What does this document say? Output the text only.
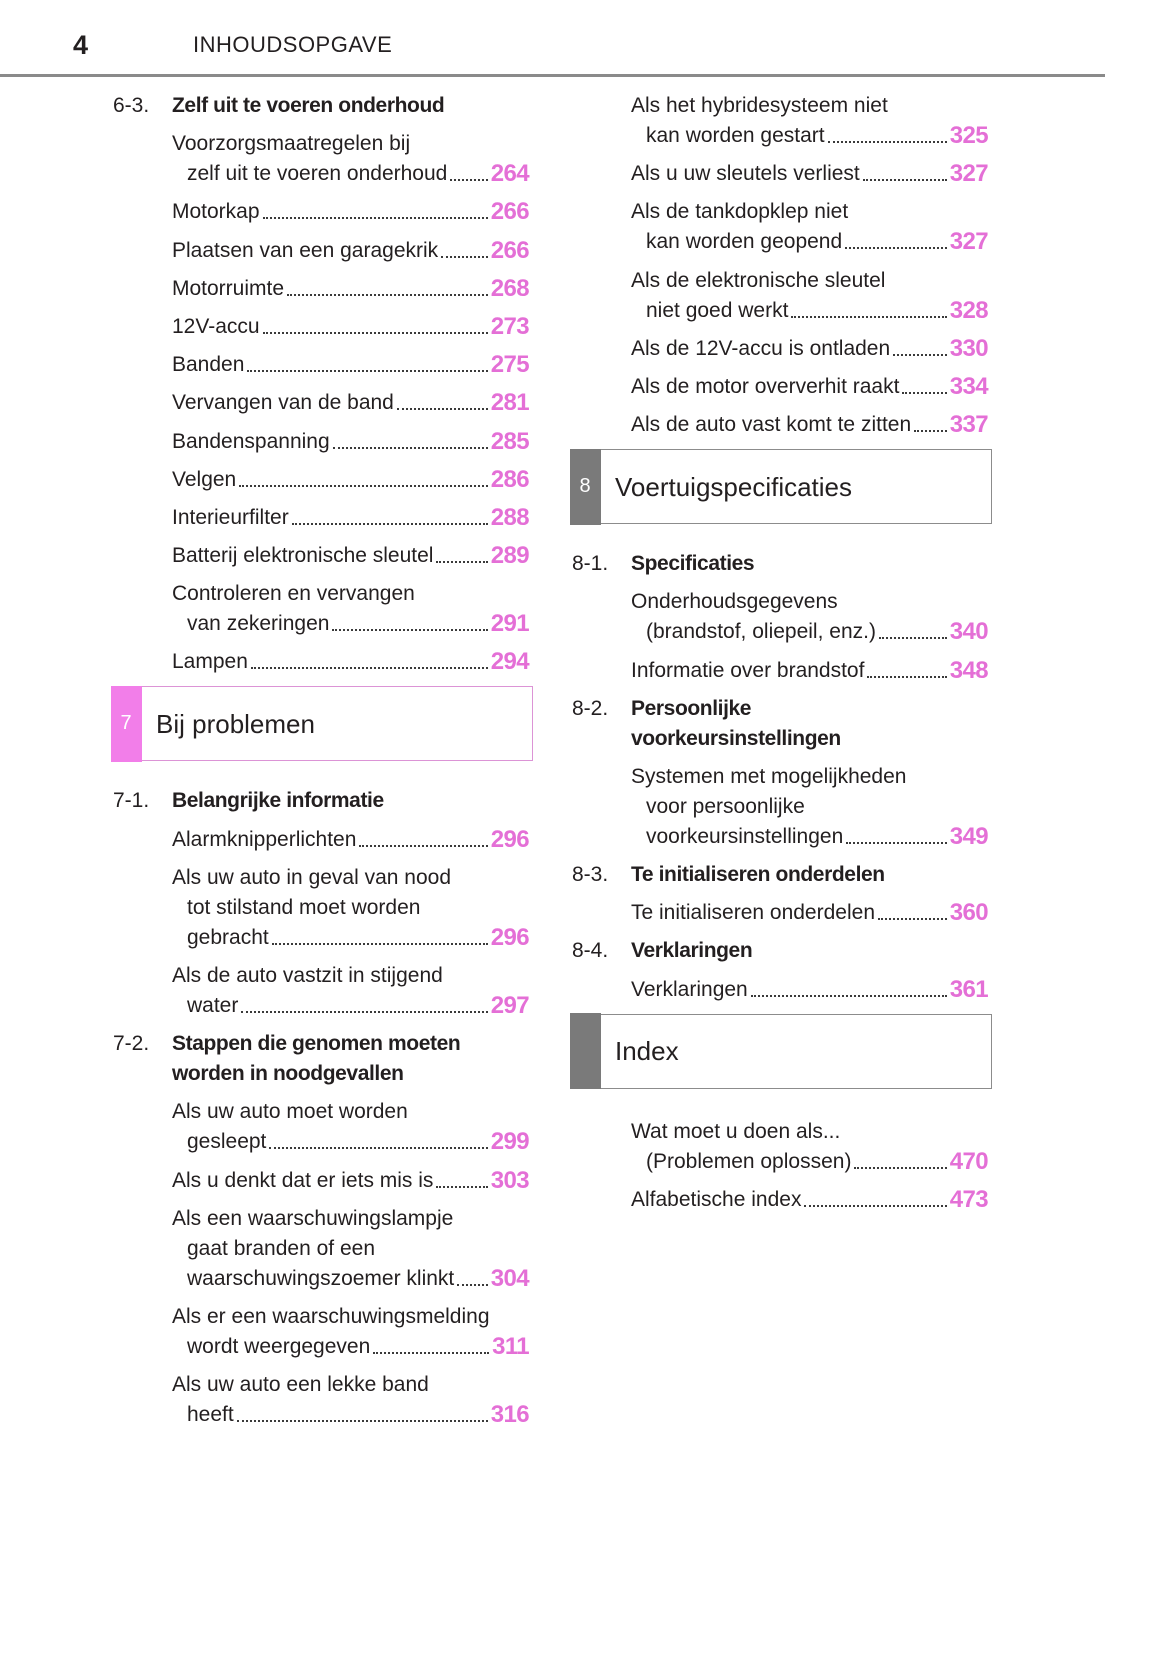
4	INHOUDSOPGAVE
6-3.	Zelf uit te voeren onderhoud
Voorzorgsmaatregelen bij
zelf uit te voeren onderhoud 264
Motorkap	266
Plaatsen van een garagekrik 266
Motorruimte	268
12V-accu	273
Banden	275
Vervangen van de band	281
Bandenspanning	285
Velgen	286
Interieurfilter	288
Batterij elektronische sleutel 289
Controleren en vervangen
van zekeringen	291
Lampen	294
7 Bij problemen
7-1.	Belangrijke informatie
Alarmknipperlichten	296
Als uw auto in geval van nood
tot stilstand moet worden
gebracht	296
Als de auto vastzit in stijgend
water	297
7-2.	Stappen die genomen moeten
worden in noodgevallen
Als uw auto moet worden
gesleept	299
Als u denkt dat er iets mis is 303
Als een waarschuwingslampje
gaat branden of een
waarschuwingszoemer klinkt 304
Als er een waarschuwingsmelding
wordt weergegeven	311
Als uw auto een lekke band
heeft	316
Als het hybridesysteem niet
kan worden gestart	325
Als u uw sleutels verliest	327
Als de tankdopklep niet
kan worden geopend	327
Als de elektronische sleutel
niet goed werkt	328
Als de 12V-accu is ontladen 330
Als de motor oververhit raakt 334
Als de auto vast komt te zitten 337
8 Voertuigspecificaties
8-1.	Specificaties
Onderhoudsgegevens
(brandstof, oliepeil, enz.)	340
Informatie over brandstof	348
8-2.	Persoonlijke
voorkeursinstellingen
Systemen met mogelijkheden
voor persoonlijke
voorkeursinstellingen	349
8-3.	Te initialiseren onderdelen
Te initialiseren onderdelen	360
8-4.	Verklaringen
Verklaringen	361
Index
Wat moet u doen als...
(Problemen oplossen)	470
Alfabetische index	473
